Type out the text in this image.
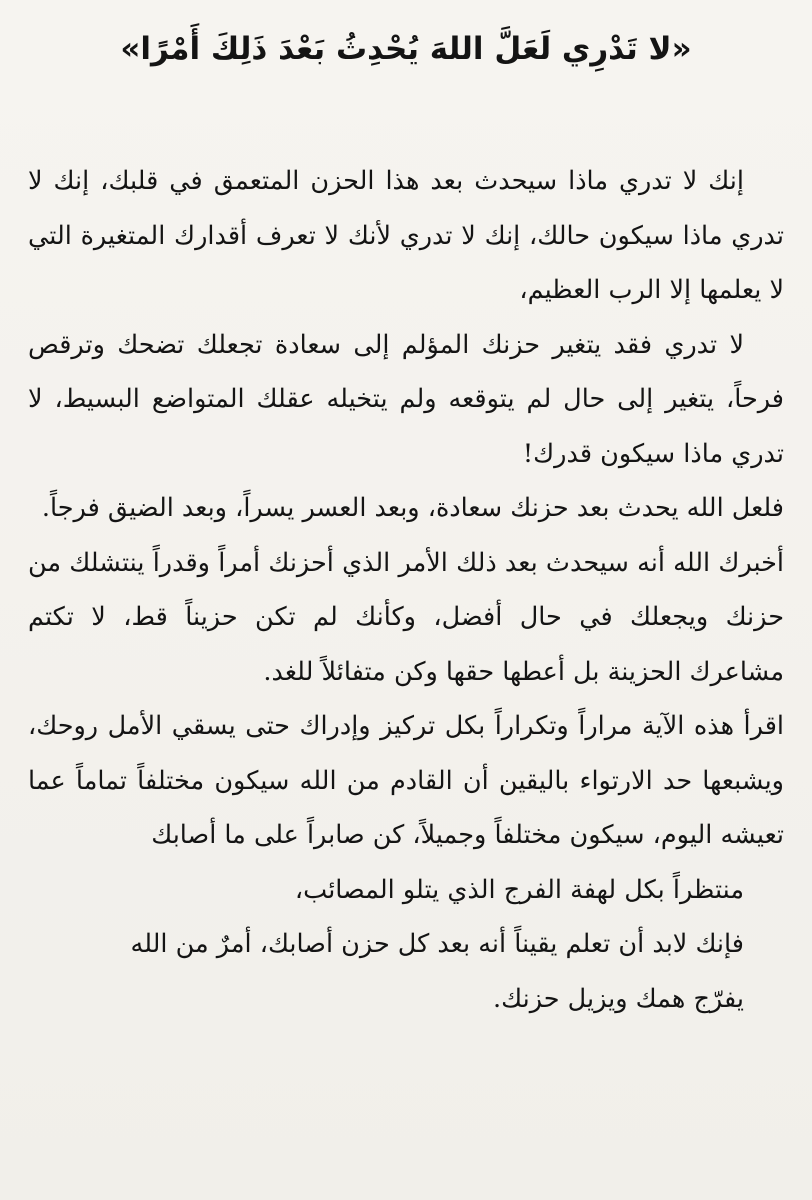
«لا تَدْرِي لَعَلَّ اللهَ يُحْدِثُ بَعْدَ ذَلِكَ أَمْرًا»

إنك لا تدري ماذا سيحدث بعد هذا الحزن المتعمق في قلبك، إنك لا تدري ماذا سيكون حالك، إنك لا تدري لأنك لا تعرف أقدارك المتغيرة التي لا يعلمها إلا الرب العظيم،

لا تدري فقد يتغير حزنك المؤلم إلى سعادة تجعلك تضحك وترقص فرحاً، يتغير إلى حال لم يتوقعه ولم يتخيله عقلك المتواضع البسيط، لا تدري ماذا سيكون قدرك!

فلعل الله يحدث بعد حزنك سعادة، وبعد العسر يسراً، وبعد الضيق فرجاً.

أخبرك الله أنه سيحدث بعد ذلك الأمر الذي أحزنك أمراً وقدراً ينتشلك من حزنك ويجعلك في حال أفضل، وكأنك لم تكن حزيناً قط، لا تكتم مشاعرك الحزينة بل أعطها حقها وكن متفائلاً للغد.

اقرأ هذه الآية مراراً وتكراراً بكل تركيز وإدراك حتى يسقي الأمل روحك، ويشبعها حد الارتواء باليقين أن القادم من الله سيكون مختلفاً تماماً عما تعيشه اليوم، سيكون مختلفاً وجميلاً، كن صابراً على ما أصابك

منتظراً بكل لهفة الفرج الذي يتلو المصائب،
فإنك لابد أن تعلم يقيناً أنه بعد كل حزن أصابك، أمرٌ من الله
يفرّج همك ويزيل حزنك.
